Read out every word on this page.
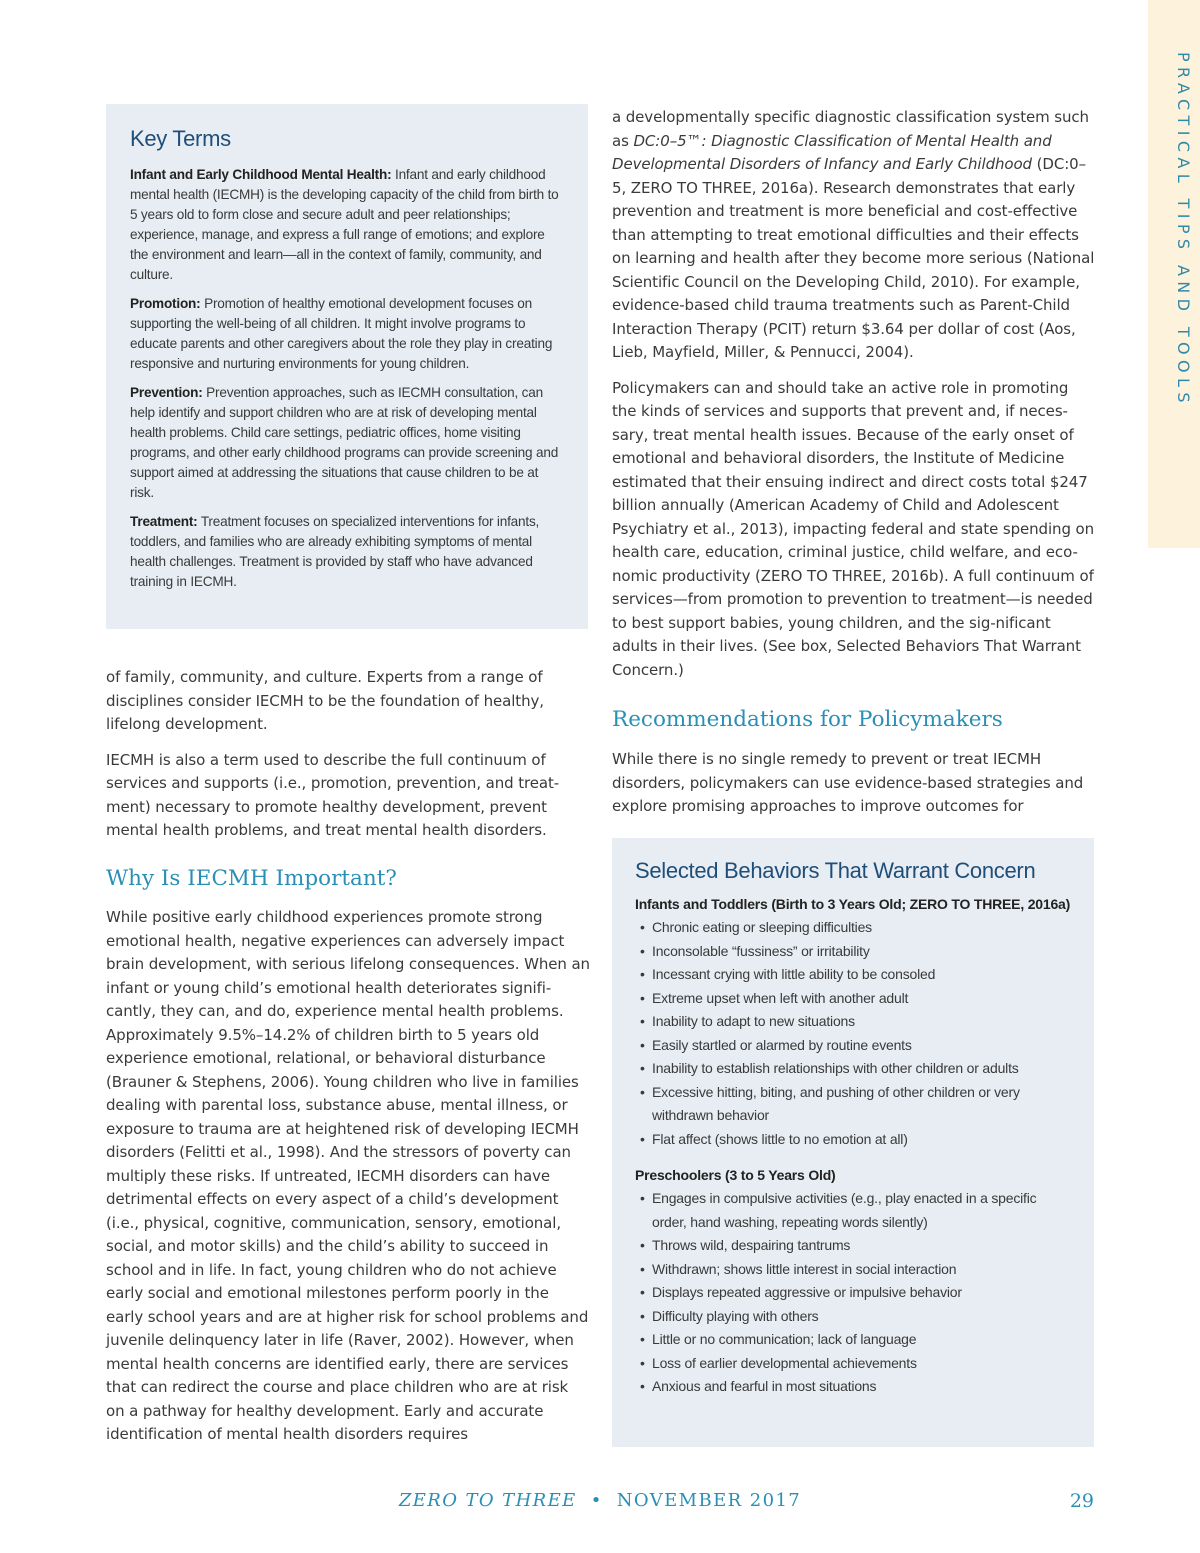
PRACTICAL TIPS AND TOOLS
Key Terms

Infant and Early Childhood Mental Health: Infant and early childhood mental health (IECMH) is the developing capacity of the child from birth to 5 years old to form close and secure adult and peer relationships; experience, manage, and express a full range of emotions; and explore the environment and learn—all in the context of family, community, and culture.

Promotion: Promotion of healthy emotional development focuses on supporting the well-being of all children. It might involve programs to educate parents and other caregivers about the role they play in creating responsive and nurturing environments for young children.

Prevention: Prevention approaches, such as IECMH consultation, can help identify and support children who are at risk of developing mental health problems. Child care settings, pediatric offices, home visiting programs, and other early childhood programs can provide screening and support aimed at addressing the situations that cause children to be at risk.

Treatment: Treatment focuses on specialized interventions for infants, toddlers, and families who are already exhibiting symptoms of mental health challenges. Treatment is provided by staff who have advanced training in IECMH.

of family, community, and culture. Experts from a range of disciplines consider IECMH to be the foundation of healthy, lifelong development.

IECMH is also a term used to describe the full continuum of services and supports (i.e., promotion, prevention, and treat-ment) necessary to promote healthy development, prevent mental health problems, and treat mental health disorders.

Why Is IECMH Important?

While positive early childhood experiences promote strong emotional health, negative experiences can adversely impact brain development, with serious lifelong consequences. When an infant or young child’s emotional health deteriorates signifi-cantly, they can, and do, experience mental health problems. Approximately 9.5%–14.2% of children birth to 5 years old experience emotional, relational, or behavioral disturbance (Brauner & Stephens, 2006). Young children who live in families dealing with parental loss, substance abuse, mental illness, or exposure to trauma are at heightened risk of developing IECMH disorders (Felitti et al., 1998). And the stressors of poverty can multiply these risks. If untreated, IECMH disorders can have detrimental effects on every aspect of a child’s development (i.e., physical, cognitive, communication, sensory, emotional, social, and motor skills) and the child’s ability to succeed in school and in life. In fact, young children who do not achieve early social and emotional milestones perform poorly in the early school years and are at higher risk for school problems and juvenile delinquency later in life (Raver, 2002). However, when mental health concerns are identified early, there are services that can redirect the course and place children who are at risk on a pathway for healthy development. Early and accurate identification of mental health disorders requires

a developmentally specific diagnostic classification system such as DC:0–5™: Diagnostic Classification of Mental Health and Developmental Disorders of Infancy and Early Childhood (DC:0–5, ZERO TO THREE, 2016a). Research demonstrates that early prevention and treatment is more beneficial and cost-effective than attempting to treat emotional difficulties and their effects on learning and health after they become more serious (National Scientific Council on the Developing Child, 2010). For example, evidence-based child trauma treatments such as Parent-Child Interaction Therapy (PCIT) return $3.64 per dollar of cost (Aos, Lieb, Mayfield, Miller, & Pennucci, 2004).

Policymakers can and should take an active role in promoting the kinds of services and supports that prevent and, if neces-sary, treat mental health issues. Because of the early onset of emotional and behavioral disorders, the Institute of Medicine estimated that their ensuing indirect and direct costs total $247 billion annually (American Academy of Child and Adolescent Psychiatry et al., 2013), impacting federal and state spending on health care, education, criminal justice, child welfare, and eco-nomic productivity (ZERO TO THREE, 2016b). A full continuum of services—from promotion to prevention to treatment—is needed to best support babies, young children, and the sig-nificant adults in their lives. (See box, Selected Behaviors That Warrant Concern.)

Recommendations for Policymakers

While there is no single remedy to prevent or treat IECMH disorders, policymakers can use evidence-based strategies and explore promising approaches to improve outcomes for

Selected Behaviors That Warrant Concern
Infants and Toddlers (Birth to 3 Years Old; ZERO TO THREE, 2016a)
• Chronic eating or sleeping difficulties
• Inconsolable “fussiness” or irritability
• Incessant crying with little ability to be consoled
• Extreme upset when left with another adult
• Inability to adapt to new situations
• Easily startled or alarmed by routine events
• Inability to establish relationships with other children or adults
• Excessive hitting, biting, and pushing of other children or very withdrawn behavior
• Flat affect (shows little to no emotion at all)
Preschoolers (3 to 5 Years Old)
• Engages in compulsive activities (e.g., play enacted in a specific order, hand washing, repeating words silently)
• Throws wild, despairing tantrums
• Withdrawn; shows little interest in social interaction
• Displays repeated aggressive or impulsive behavior
• Difficulty playing with others
• Little or no communication; lack of language
• Loss of earlier developmental achievements
• Anxious and fearful in most situations
ZERO TO THREE • NOVEMBER 2017	29
